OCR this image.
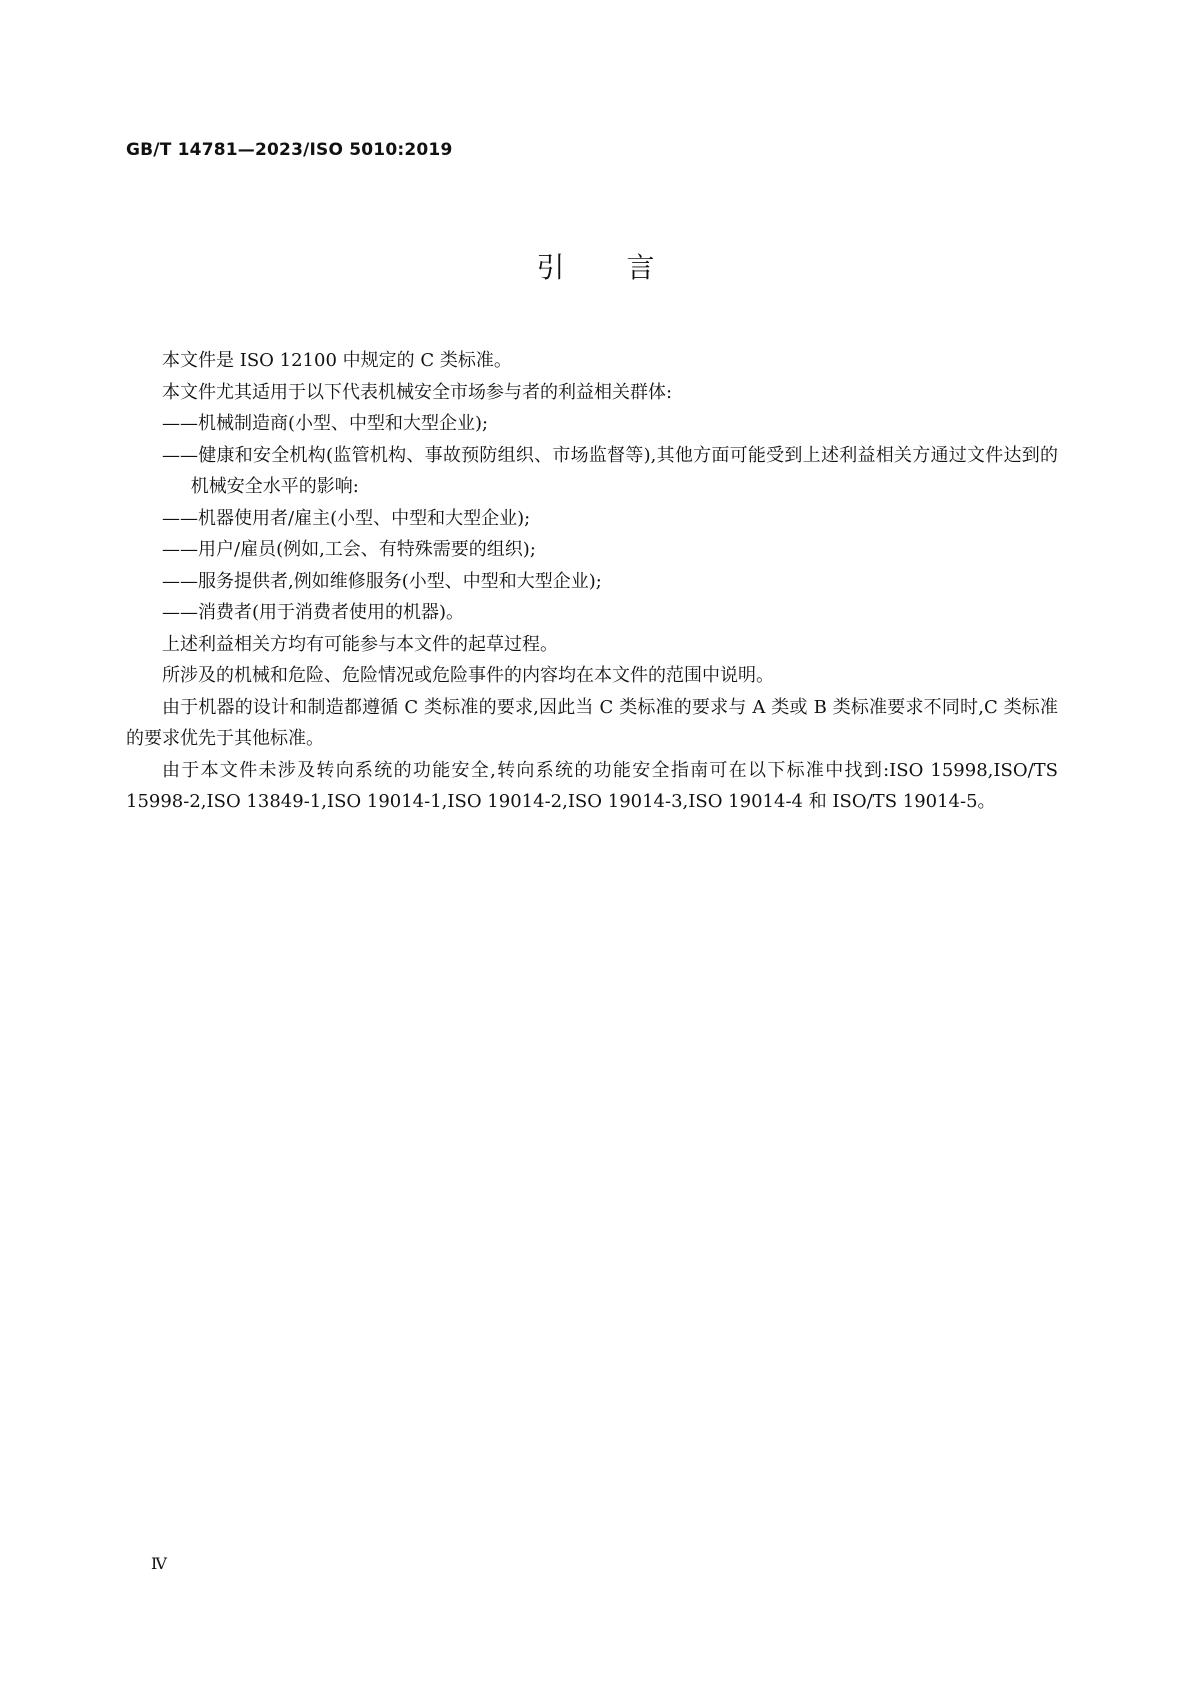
GB/T 14781—2023/ISO 5010:2019
引言

本文件是 ISO 12100 中规定的 C 类标准。

本文件尤其适用于以下代表机械安全市场参与者的利益相关群体:

——机械制造商(小型、中型和大型企业);

——健康和安全机构(监管机构、事故预防组织、市场监督等),其他方面可能受到上述利益相关方通过文件达到的机械安全水平的影响:

——机器使用者/雇主(小型、中型和大型企业);

——用户/雇员(例如,工会、有特殊需要的组织);

——服务提供者,例如维修服务(小型、中型和大型企业);

——消费者(用于消费者使用的机器)。

上述利益相关方均有可能参与本文件的起草过程。

所涉及的机械和危险、危险情况或危险事件的内容均在本文件的范围中说明。

由于机器的设计和制造都遵循 C 类标准的要求,因此当 C 类标准的要求与 A 类或 B 类标准要求不同时,C 类标准的要求优先于其他标准。

由于本文件未涉及转向系统的功能安全,转向系统的功能安全指南可在以下标准中找到:ISO 15998,ISO/TS 15998-2,ISO 13849-1,ISO 19014-1,ISO 19014-2,ISO 19014-3,ISO 19014-4 和 ISO/TS 19014-5。

Ⅳ
